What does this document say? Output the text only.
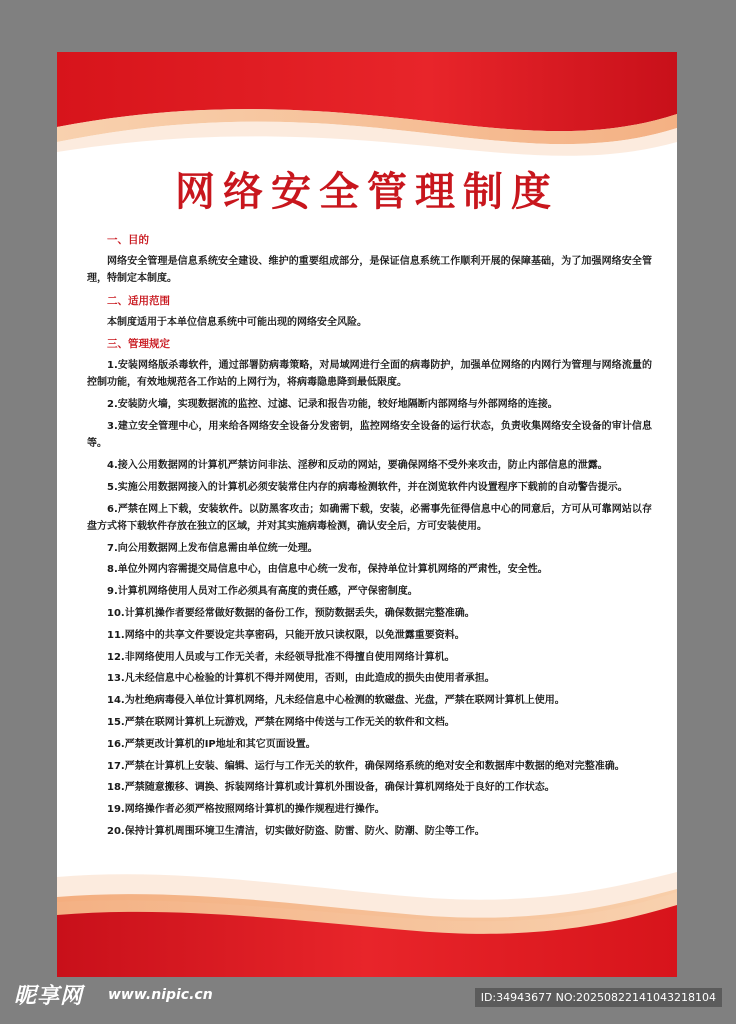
网络安全管理制度
一、目的

网络安全管理是信息系统安全建设、维护的重要组成部分，是保证信息系统工作顺利开展的保障基础，为了加强网络安全管理，特制定本制度。

二、适用范围

本制度适用于本单位信息系统中可能出现的网络安全风险。

三、管理规定

1.安装网络版杀毒软件，通过部署防病毒策略，对局域网进行全面的病毒防护，加强单位网络的内网行为管理与网络流量的控制功能，有效地规范各工作站的上网行为，将病毒隐患降到最低限度。

2.安装防火墙，实现数据流的监控、过滤、记录和报告功能，较好地隔断内部网络与外部网络的连接。

3.建立安全管理中心，用来给各网络安全设备分发密钥，监控网络安全设备的运行状态，负责收集网络安全设备的审计信息等。

4.接入公用数据网的计算机严禁访问非法、淫秽和反动的网站，要确保网络不受外来攻击，防止内部信息的泄露。

5.实施公用数据网接入的计算机必须安装常住内存的病毒检测软件，并在浏览软件内设置程序下载前的自动警告提示。

6.严禁在网上下载，安装软件。以防黑客攻击；如确需下载，安装，必需事先征得信息中心的同意后，方可从可靠网站以存盘方式将下载软件存放在独立的区域，并对其实施病毒检测，确认安全后，方可安装使用。

7.向公用数据网上发布信息需由单位统一处理。

8.单位外网内容需提交局信息中心，由信息中心统一发布，保持单位计算机网络的严肃性，安全性。

9.计算机网络使用人员对工作必须具有高度的责任感，严守保密制度。

10.计算机操作者要经常做好数据的备份工作，预防数据丢失，确保数据完整准确。

11.网络中的共享文件要设定共享密码，只能开放只读权限，以免泄露重要资料。

12.非网络使用人员或与工作无关者，未经领导批准不得擅自使用网络计算机。

13.凡未经信息中心检验的计算机不得并网使用，否则，由此造成的损失由使用者承担。

14.为杜绝病毒侵入单位计算机网络，凡未经信息中心检测的软磁盘、光盘，严禁在联网计算机上使用。

15.严禁在联网计算机上玩游戏，严禁在网络中传送与工作无关的软件和文档。

16.严禁更改计算机的IP地址和其它页面设置。

17.严禁在计算机上安装、编辑、运行与工作无关的软件，确保网络系统的绝对安全和数据库中数据的绝对完整准确。

18.严禁随意搬移、调换、拆装网络计算机或计算机外围设备，确保计算机网络处于良好的工作状态。

19.网络操作者必须严格按照网络计算机的操作规程进行操作。

20.保持计算机周围环境卫生清洁，切实做好防盗、防雷、防火、防潮、防尘等工作。

昵享网 www.nipic.cn	ID:34943677 NO:20250822141043218104
